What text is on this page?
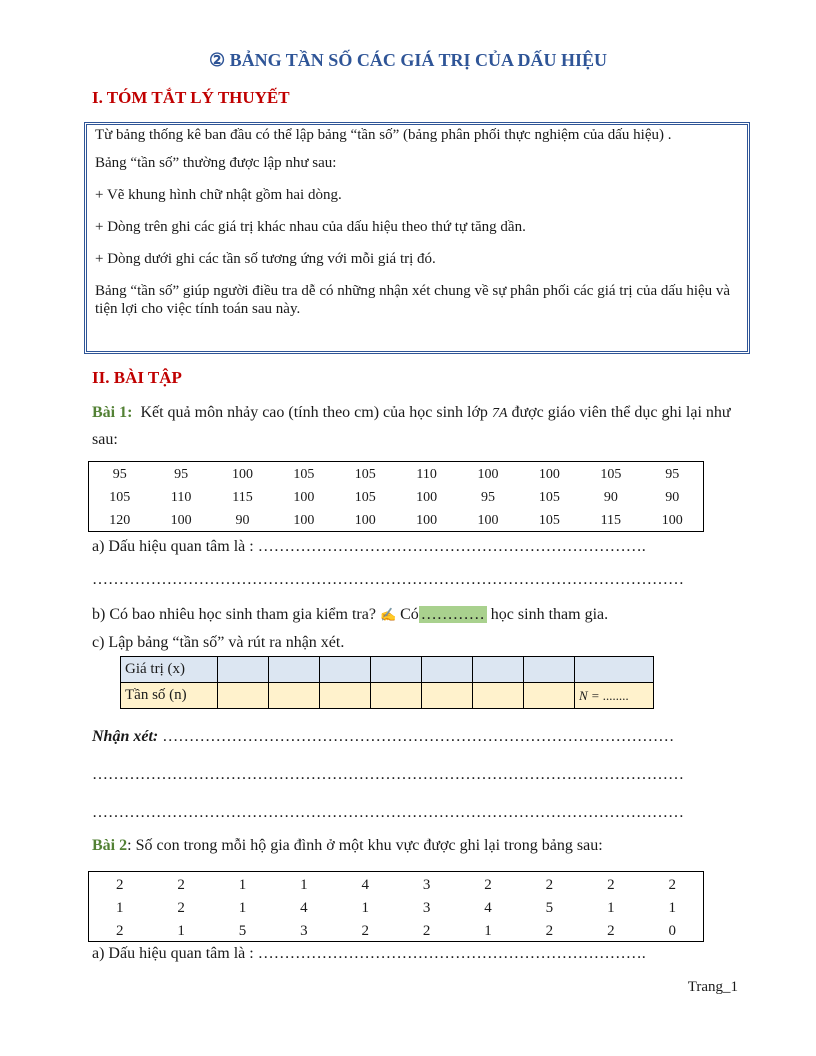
② BẢNG TẦN SỐ CÁC GIÁ TRỊ CỦA DẤU HIỆU
I. TÓM TẮT LÝ THUYẾT

Từ bảng thống kê ban đầu có thể lập bảng “tần số” (bảng phân phối thực nghiệm của dấu hiệu) .

Bảng “tần số” thường được lập như sau:

+ Vẽ khung hình chữ nhật gồm hai dòng.

+ Dòng trên ghi các giá trị khác nhau của dấu hiệu theo thứ tự tăng dần.

+ Dòng dưới ghi các tần số tương ứng với mỗi giá trị đó.

Bảng “tần số” giúp người điều tra dễ có những nhận xét chung về sự phân phối các giá trị của dấu hiệu và tiện lợi cho việc tính toán sau này.

II. BÀI TẬP
Bài 1: Kết quả môn nhảy cao (tính theo cm) của học sinh lớp 7A được giáo viên thể dục ghi lại như sau:
95	95	100	105	105	110	100	100	105	95
105	110	115	100	105	100	95	105	90	90
120	100	90	100	100	100	100	105	115	100
a) Dấu hiệu quan tâm là : ……………………………………………………………….
…………………………………………………………………………………………………
b) Có bao nhiêu học sinh tham gia kiểm tra? ✍ Có ………… học sinh tham gia.
c) Lập bảng “tần số” và rút ra nhận xét.
Giá trị (x)								
Tần số (n)								N = ........
Nhận xét: ……………………………………………………………………………………
…………………………………………………………………………………………………
…………………………………………………………………………………………………
Bài 2: Số con trong mỗi hộ gia đình ở một khu vực được ghi lại trong bảng sau:
2	2	1	1	4	3	2	2	2	2
1	2	1	4	1	3	4	5	1	1
2	1	5	3	2	2	1	2	2	0
a) Dấu hiệu quan tâm là : ……………………………………………………………….
Trang_1
